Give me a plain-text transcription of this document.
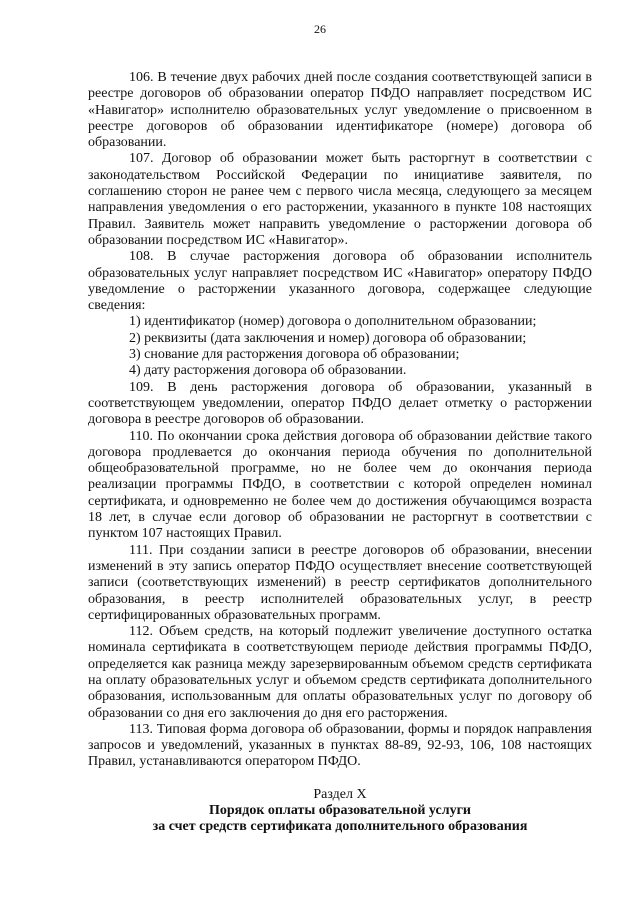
26

106. В течение двух рабочих дней после создания соответствующей записи в реестре договоров об образовании оператор ПФДО направляет посредством ИС «Навигатор» исполнителю образовательных услуг уведомление о присвоенном в реестре договоров об образовании идентификаторе (номере) договора об образовании.

107. Договор об образовании может быть расторгнут в соответствии с законодательством Российской Федерации по инициативе заявителя, по соглашению сторон не ранее чем с первого числа месяца, следующего за месяцем направления уведомления о его расторжении, указанного в пункте 108 настоящих Правил. Заявитель может направить уведомление о расторжении договора об образовании посредством ИС «Навигатор».

108. В случае расторжения договора об образовании исполнитель образовательных услуг направляет посредством ИС «Навигатор» оператору ПФДО уведомление о расторжении указанного договора, содержащее следующие сведения:

1) идентификатор (номер) договора о дополнительном образовании;

2) реквизиты (дата заключения и номер) договора об образовании;

3) снование для расторжения договора об образовании;

4) дату расторжения договора об образовании.

109. В день расторжения договора об образовании, указанный в соответствующем уведомлении, оператор ПФДО делает отметку о расторжении договора в реестре договоров об образовании.

110. По окончании срока действия договора об образовании действие такого договора продлевается до окончания периода обучения по дополнительной общеобразовательной программе, но не более чем до окончания периода реализации программы ПФДО, в соответствии с которой определен номинал сертификата, и одновременно не более чем до достижения обучающимся возраста 18 лет, в случае если договор об образовании не расторгнут в соответствии с пунктом 107 настоящих Правил.

111. При создании записи в реестре договоров об образовании, внесении изменений в эту запись оператор ПФДО осуществляет внесение соответствующей записи (соответствующих изменений) в реестр сертификатов дополнительного образования, в реестр исполнителей образовательных услуг, в реестр сертифицированных образовательных программ.

112. Объем средств, на который подлежит увеличение доступного остатка номинала сертификата в соответствующем периоде действия программы ПФДО, определяется как разница между зарезервированным объемом средств сертификата на оплату образовательных услуг и объемом средств сертификата дополнительного образования, использованным для оплаты образовательных услуг по договору об образовании со дня его заключения до дня его расторжения.

113. Типовая форма договора об образовании, формы и порядок направления запросов и уведомлений, указанных в пунктах 88-89, 92-93, 106, 108 настоящих Правил, устанавливаются оператором ПФДО.

Раздел X
Порядок оплаты образовательной услуги
за счет средств сертификата дополнительного образования
